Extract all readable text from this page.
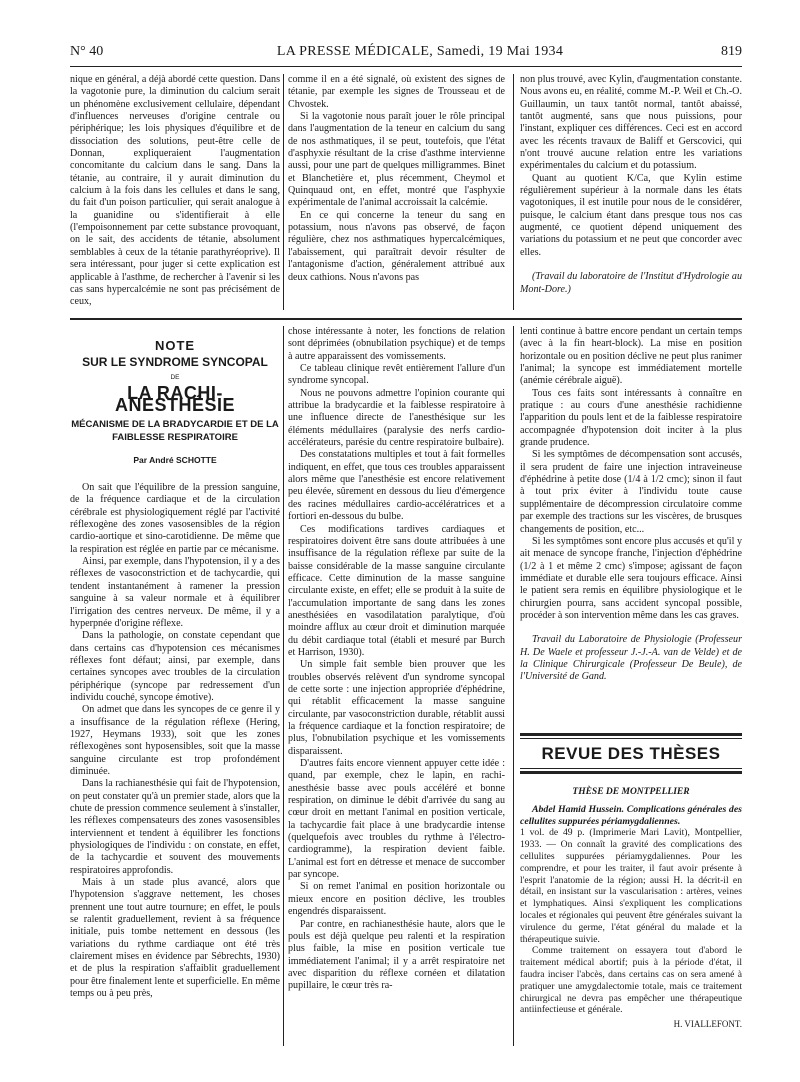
N° 40	LA PRESSE MÉDICALE, Samedi, 19 Mai 1934	819

nique en général, a déjà abordé cette question. Dans la vagotonie pure, la diminution du calcium serait un phénomène exclusivement cellulaire, dépendant d'influences nerveuses d'origine centrale ou périphérique; les lois physiques d'équilibre et de dissociation des solutions, peut-être celle de Donnan, expliqueraient l'augmentation concomitante du calcium dans le sang. Dans la tétanie, au contraire, il y aurait diminution du calcium à la fois dans les cellules et dans le sang, du fait d'un poison particulier, qui serait analogue à la guanidine ou s'identifierait à elle (l'empoisonnement par cette substance provoquant, on le sait, des accidents de tétanie, absolument semblables à ceux de la tétanie parathyréoprive). Il sera intéressant, pour juger si cette explication est applicable à l'asthme, de rechercher à l'avenir si les cas sans hypercalcémie ne sont pas précisément de ceux,

comme il en a été signalé, où existent des signes de tétanie, par exemple les signes de Trousseau et de Chvostek.

Si la vagotonie nous paraît jouer le rôle principal dans l'augmentation de la teneur en calcium du sang de nos asthmatiques, il se peut, toutefois, que l'état d'asphyxie résultant de la crise d'asthme intervienne aussi, pour une part de quelques milligrammes. Binet et Blanchetière et, plus récemment, Cheymol et Quinquaud ont, en effet, montré que l'asphyxie expérimentale de l'animal accroissait la calcémie.

En ce qui concerne la teneur du sang en potassium, nous n'avons pas observé, de façon régulière, chez nos asthmatiques hypercalcémiques, l'abaissement, qui paraîtrait devoir résulter de l'antagonisme d'action, généralement attribué aux deux cathions. Nous n'avons pas

non plus trouvé, avec Kylin, d'augmentation constante. Nous avons eu, en réalité, comme M.-P. Weil et Ch.-O. Guillaumin, un taux tantôt normal, tantôt abaissé, tantôt augmenté, sans que nous puissions, pour l'instant, expliquer ces différences. Ceci est en accord avec les récents travaux de Baliff et Gerscovici, qui n'ont trouvé aucune relation entre les variations expérimentales du calcium et du potassium.

Quant au quotient K/Ca, que Kylin estime régulièrement supérieur à la normale dans les états vagotoniques, il est inutile pour nous de le considérer, puisque, le calcium étant dans presque tous nos cas augmenté, ce quotient dépend uniquement des variations du potassium et ne peut que concorder avec elles.

(Travail du laboratoire de l'Institut d'Hydrologie au Mont-Dore.)

NOTE
SUR LE SYNDROME SYNCOPAL
DE
LA RACHI-ANESTHÉSIE
MÉCANISME DE LA BRADYCARDIE ET DE LA FAIBLESSE RESPIRATOIRE
Par André SCHOTTE

On sait que l'équilibre de la pression sanguine, de la fréquence cardiaque et de la circulation cérébrale est physiologiquement réglé par l'activité réflexogène des zones vasosensibles de la région cardio-aortique et sino-carotidienne. De même que la respiration est réglée en partie par ce mécanisme.

Ainsi, par exemple, dans l'hypotension, il y a des réflexes de vasoconstriction et de tachycardie, qui tendent instantanément à ramener la pression sanguine à sa valeur normale et à équilibrer l'irrigation des centres nerveux. De même, il y a hyperpnée d'origine réflexe.

Dans la pathologie, on constate cependant que dans certains cas d'hypotension ces mécanismes réflexes font défaut; ainsi, par exemple, dans certaines syncopes avec troubles de la circulation périphérique (syncope par redressement d'un individu couché, syncope émotive).

On admet que dans les syncopes de ce genre il y a insuffisance de la régulation réflexe (Hering, 1927, Heymans 1933), soit que les zones réflexogènes sont hyposensibles, soit que la masse sanguine circulante est trop profondément diminuée.

Dans la rachianesthésie qui fait de l'hypotension, on peut constater qu'à un premier stade, alors que la chute de pression commence seulement à s'installer, les réflexes compensateurs des zones vasosensibles interviennent et tendent à équilibrer les fonctions physiologiques de l'individu : on constate, en effet, de la tachycardie et souvent des mouvements respiratoires approfondis.

Mais à un stade plus avancé, alors que l'hypotension s'aggrave nettement, les choses prennent une tout autre tournure; en effet, le pouls se ralentit graduellement, revient à sa fréquence initiale, puis tombe nettement en dessous (les variations du rythme cardiaque ont été très clairement mises en évidence par Sébrechts, 1930) et de plus la respiration s'affaiblit graduellement pour être finalement lente et superficielle. En même temps ou à peu près,

chose intéressante à noter, les fonctions de relation sont déprimées (obnubilation psychique) et de temps à autre apparaissent des vomissements.

Ce tableau clinique revêt entièrement l'allure d'un syndrome syncopal.

Nous ne pouvons admettre l'opinion courante qui attribue la bradycardie et la faiblesse respiratoire à une influence directe de l'anesthésique sur les éléments médullaires (paralysie des nerfs cardio-accélérateurs, parésie du centre respiratoire bulbaire).

Des constatations multiples et tout à fait formelles indiquent, en effet, que tous ces troubles apparaissent alors même que l'anesthésie est encore relativement peu élevée, sûrement en dessous du lieu d'émergence des racines médullaires cardio-accélératrices et a fortiori en-dessous du bulbe.

Ces modifications tardives cardiaques et respiratoires doivent être sans doute attribuées à une insuffisance de la régulation réflexe par suite de la baisse considérable de la masse sanguine circulante efficace. Cette diminution de la masse sanguine circulante existe, en effet; elle se produit à la suite de l'accumulation importante de sang dans les zones anesthésiées en vasodilatation paralytique, d'où moindre afflux au cœur droit et diminution marquée du débit cardiaque total (établi et mesuré par Burch et Harrison, 1930).

Un simple fait semble bien prouver que les troubles observés relèvent d'un syndrome syncopal de cette sorte : une injection appropriée d'éphédrine, qui rétablit efficacement la masse sanguine circulante, par vasoconstriction durable, rétablit aussi la fréquence cardiaque et la fonction respiratoire; de plus, l'obnubilation psychique et les vomissements disparaissent.

D'autres faits encore viennent appuyer cette idée : quand, par exemple, chez le lapin, en rachi-anesthésie basse avec pouls accéléré et bonne respiration, on diminue le débit d'arrivée du sang au cœur droit en mettant l'animal en position verticale, la tachycardie fait place à une bradycardie intense (quelquefois avec troubles du rythme à l'électro-cardiogramme), la respiration devient faible. L'animal est fort en détresse et menace de succomber par syncope.

Si on remet l'animal en position horizontale ou mieux encore en position déclive, les troubles engendrés disparaissent.

Par contre, en rachianesthésie haute, alors que le pouls est déjà quelque peu ralenti et la respiration plus faible, la mise en position verticale tue immédiatement l'animal; il y a arrêt respiratoire net avec disparition du réflexe cornéen et dilatation pupillaire, le cœur très ra-

lenti continue à battre encore pendant un certain temps (avec à la fin heart-block). La mise en position horizontale ou en position déclive ne peut plus ranimer l'animal; la syncope est immédiatement mortelle (anémie cérébrale aiguë).

Tous ces faits sont intéressants à connaître en pratique : au cours d'une anesthésie rachidienne l'apparition du pouls lent et de la faiblesse respiratoire accompagnée d'hypotension doit inciter à la plus grande prudence.

Si les symptômes de décompensation sont accusés, il sera prudent de faire une injection intraveineuse d'éphédrine à petite dose (1/4 à 1/2 cmc); sinon il faut à tout prix éviter à l'individu toute cause supplémentaire de décompression circulatoire comme par exemple des tractions sur les viscères, de brusques changements de position, etc...

Si les symptômes sont encore plus accusés et qu'il y ait menace de syncope franche, l'injection d'éphédrine (1/2 à 1 et même 2 cmc) s'impose; agissant de façon immédiate et durable elle sera toujours efficace. Ainsi le patient sera remis en équilibre physiologique et le chirurgien pourra, sans accident syncopal possible, procéder à son intervention même dans les cas graves.

Travail du Laboratoire de Physiologie (Professeur H. De Waele et professeur J.-J.-A. van de Velde) et de la Clinique Chirurgicale (Professeur De Beule), de l'Université de Gand.

REVUE DES THÈSES
THÈSE DE MONTPELLIER

Abdel Hamid Hussein. Complications générales des cellulites suppurées périamygdaliennes.

1 vol. de 49 p. (Imprimerie Mari Lavit), Montpellier, 1933. — On connaît la gravité des complications des cellulites suppurées périamygdaliennes. Pour les comprendre, et pour les traiter, il faut avoir présente à l'esprit l'anatomie de la région; aussi H. la décrit-il en détail, en insistant sur la vascularisation : artères, veines et lymphatiques. Ainsi s'expliquent les complications locales et régionales qui peuvent être générales suivant la virulence du germe, l'état général du malade et la thérapeutique suivie.

Comme traitement on essayera tout d'abord le traitement médical abortif; puis à la période d'état, il faudra inciser l'abcès, dans certains cas on sera amené à pratiquer une amygdalectomie totale, mais ce traitement chirurgical ne devra pas empêcher une thérapeutique antiinfectieuse et générale.

H. VIALLEFONT.
